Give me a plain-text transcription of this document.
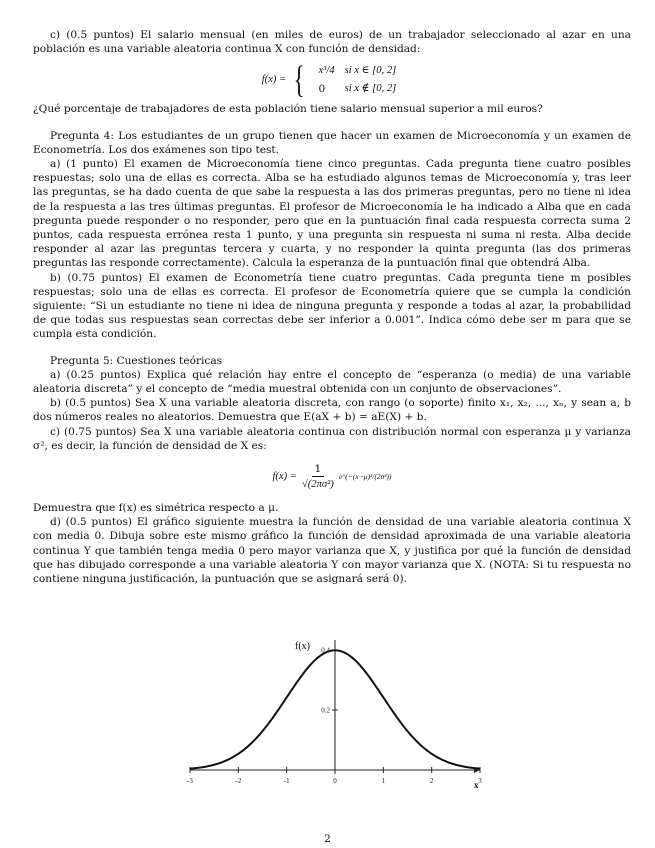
c) (0.5 puntos) El salario mensual (en miles de euros) de un trabajador seleccionado al azar en una población es una variable aleatoria continua X con función de densidad:

f(x) = { x³/4	si x ∈ [0, 2]
0	si x ∉ [0, 2]

¿Qué porcentaje de trabajadores de esta población tiene salario mensual superior a mil euros?

Pregunta 4: Los estudiantes de un grupo tienen que hacer un examen de Microeconomía y un examen de Econometría. Los dos exámenes son tipo test.

a) (1 punto) El examen de Microeconomía tiene cinco preguntas. Cada pregunta tiene cuatro posibles respuestas; solo una de ellas es correcta. Alba se ha estudiado algunos temas de Microeconomía y, tras leer las preguntas, se ha dado cuenta de que sabe la respuesta a las dos primeras preguntas, pero no tiene ni idea de la respuesta a las tres últimas preguntas. El profesor de Microeconomía le ha indicado a Alba que en cada pregunta puede responder o no responder, pero que en la puntuación final cada respuesta correcta suma 2 puntos, cada respuesta errónea resta 1 punto, y una pregunta sin respuesta ni suma ni resta. Alba decide responder al azar las preguntas tercera y cuarta, y no responder la quinta pregunta (las dos primeras preguntas las responde correctamente). Calcula la esperanza de la puntuación final que obtendrá Alba.

b) (0.75 puntos) El examen de Econometría tiene cuatro preguntas. Cada pregunta tiene m posibles respuestas; solo una de ellas es correcta. El profesor de Econometría quiere que se cumpla la condición siguiente: “Si un estudiante no tiene ni idea de ninguna pregunta y responde a todas al azar, la probabilidad de que todas sus respuestas sean correctas debe ser inferior a 0.001”. Indica cómo debe ser m para que se cumpla esta condición.

Pregunta 5: Cuestiones teóricas

a) (0.25 puntos) Explica qué relación hay entre el concepto de “esperanza (o media) de una variable aleatoria discreta” y el concepto de “media muestral obtenida con un conjunto de observaciones”.

b) (0.5 puntos) Sea X una variable aleatoria discreta, con rango (o soporte) finito x₁, x₂, ..., xₙ, y sean a, b dos números reales no aleatorios. Demuestra que E(aX + b) = aE(X) + b.

c) (0.75 puntos) Sea X una variable aleatoria continua con distribución normal con esperanza μ y varianza σ², es decir, la función de densidad de X es:

$f(x) = \frac{1}{\text{√(2πσ²)}}$ e^(−(x−μ)²/(2σ²))

Demuestra que f(x) es simétrica respecto a μ.

d) (0.5 puntos) El gráfico siguiente muestra la función de densidad de una variable aleatoria continua X con media 0. Dibuja sobre este mismo gráfico la función de densidad aproximada de una variable aleatoria continua Y que también tenga media 0 pero mayor varianza que X, y justifica por qué la función de densidad que has dibujado corresponde a una variable aleatoria Y con mayor varianza que X. (NOTA: Si tu respuesta no contiene ninguna justificación, la puntuación que se asignará será 0).

-3	-2	-1	0	1	2	3
0.2
0.4
f(x)
x
2
